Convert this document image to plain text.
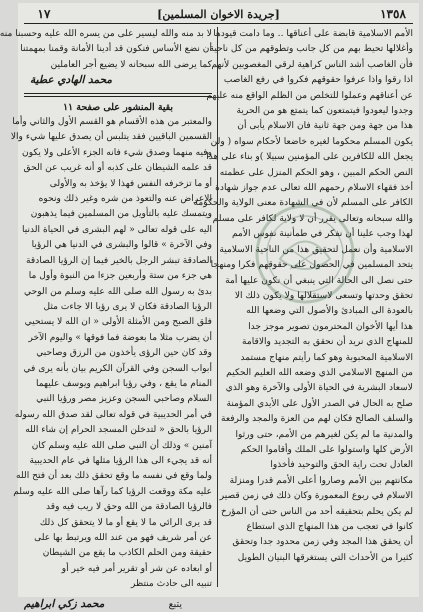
١٣٥٨
[جريدة الاخوان المسلمين]
١٧
الأمم الاسلامية قابضة على أعناقها .. وما دامت قيودها
وأغلالها تحيط بهم من كل جانب وتطوقهم من كل ناحية
فأن الغاصب أشد الناس كراهية لرقي المغصوبين لأنهم
اذا رقوا واذا عرفوا حقوقهم فكروا في رفع الغاصب
عن أعناقهم وعملوا للتخلص من الظلم الواقع منه عليهم
وجدوا ليعودوا فيتمتعون كما يتمتع هو من الحرية
هذا من جهة ومن جهة ثانية فان الاسلام يأبى أن
يكون المسلم محكوما لغيره خاضعا لأحكام سواه ( ولن
يجعل الله للكافرين على المؤمنين سبيلا )و بناء على هذا
النص الحكم المبين ، وهو الحكم المنزل على عظمته
أخذ فقهاء الاسلام رحمهم الله تعالى عدم جواز شهادة
الكافر على المسلم لأن في الشهادة معنى الولاية والحكومة
والله سبحانه وتعالى يقرر أن لا ولاية لكافر على مسلم
لهذا وجب علينا أن نفكر في طمأنينة نفوس الأمم
الاسلامية وأن نعمل لتحقيق هذا من الناحية الاسلامية
يتحد المسلمين في الحصول على حقوقهم فكرا ومنهجا
حتى نصل الى الحالة التي ينبغي أن نكون عليها أمة
تحقق وحدتها وتسعى لاستقلالها ولا يكون ذلك الا
بالعودة الى المبادئ والأصول التي وضعها الله
هذا أيها الأخوان المحترمون تصوير موجز جدا
للمنهاج الذي نريد أن نحقق به التجديد والاقامة
الاسلامية المحبوبة وهو كما رأيتم منهاج مستمد
من المنهج الاسلامي الذي وضعه الله العليم الحكيم
لاسعاد البشرية في الحياة الأولى والآخرة وهو الذي
صلح به الحال في الصدر الأول على الأيدي المؤمنة
والسلف الصالح فكان لهم من العزة والمجد والرفعة
والمدنية ما لم يكن لغيرهم من الأمم، حتى ورثوا
الأرض كلها واستولوا على الملك وأقاموا الحكم
العادل تحت راية الحق والتوحيد فأخذوا
مكانتهم بين الأمم وصاروا أعلى الأمم قدرا ومنزلة
الاسلام في ربوع المعمورة وكان ذلك في زمن قصير
لم يكن يحلم بتحقيقه أحد من الناس حتى أن المؤرخ
كانوا في تعجب من هذا المنهاج الذي استطاع
أن يحقق هذا المجد وفي زمن محدود جدا وتحقق
كثيرا من الأحداث التي يستغرقها البنيان الطويل
لا بد منه والله ليسير على من يسره الله عليه وحسبنا منه
أن نضع الأساس فنكون قد أدينا الأمانة وقمنا بمهمتنا
كما يرضى الله سبحانه لا يضيع أجر العاملين
محمد الهادي عطية
بقية المنشور على صفحة ١١
والمعتبر من هذه الأقسام هو القسم الأول والثاني وأما
القسمين الباقيين فقد يتلبس أن يصدق عليها شيء والا
وفيه منهما وصدق شيء فانه الجزء الأعلى ولا يكون
قد علمه الشيطان على كذبه أو أنه غريب عن الحق
أو ما تزخرفه النفس فهذا لا يؤخذ به والأولى
الإعراض عنه والتعوذ من شره وغير ذلك ونحوه
ويتمسك عليه بالتأويل من المسلمين فيما يذهبون
اليه على قوله تعالى « لهم البشرى في الحياة الدنيا
وفي الآخرة » قالوا والبشرى في الدنيا هي الرؤيا
الصادقة تبشر الرجل بالخير فيما إن الرؤيا الصادقة
هي جزء من ستة وأربعين جزءا من النبوة وأول ما
بدئ به رسول الله صلى الله عليه وسلم من الوحي
الرؤيا الصادقة فكان لا يرى رؤيا الا جاءت مثل
فلق الصبح ومن الأمثلة الأولى « ان الله لا يستحيي
أن يضرب مثلا ما بعوضة فما فوقها » واليوم الآخر
وقد كان حين الرؤى يأخذون من الرزق وصاحبي
أبواب السجن وفي القرآن الكريم بيان بأنه يرى في
المنام ما يقع ، وفي رؤيا ابراهيم ويوسف عليهما
السلام وصاحبي السجن وعزيز مصر ورؤيا النبي
في أمر الحديبية في قوله تعالى لقد صدق الله رسوله
الرؤيا بالحق « لتدخلن المسجد الحرام إن شاء الله
آمنين » وذلك أن النبي صلى الله عليه وسلم كان
أنه قد يجيء الى هذا الرؤيا مثلها في عام الحديبية
ولما وقع في نفسه ما وقع تحقق ذلك بعد أن فتح الله
عليه مكة ووقعت الرؤيا كما رآها صلى الله عليه وسلم
فالرؤيا الصادقة من الله وحق لا ريب فيه وقد
قد يرى الرائي ما لا يقع أو ما لا يتحقق كل ذلك
عن أمر شريف فهو من عند الله ويرتبط بها على
حقيقة ومن الحلم الكاذب ما يقع من الشيطان
أو ابعاده عن شر أو تقرير أمر فيه خير أو
تنبيه الى حادث منتظر
يتبع
محمد زكي ابراهيم
